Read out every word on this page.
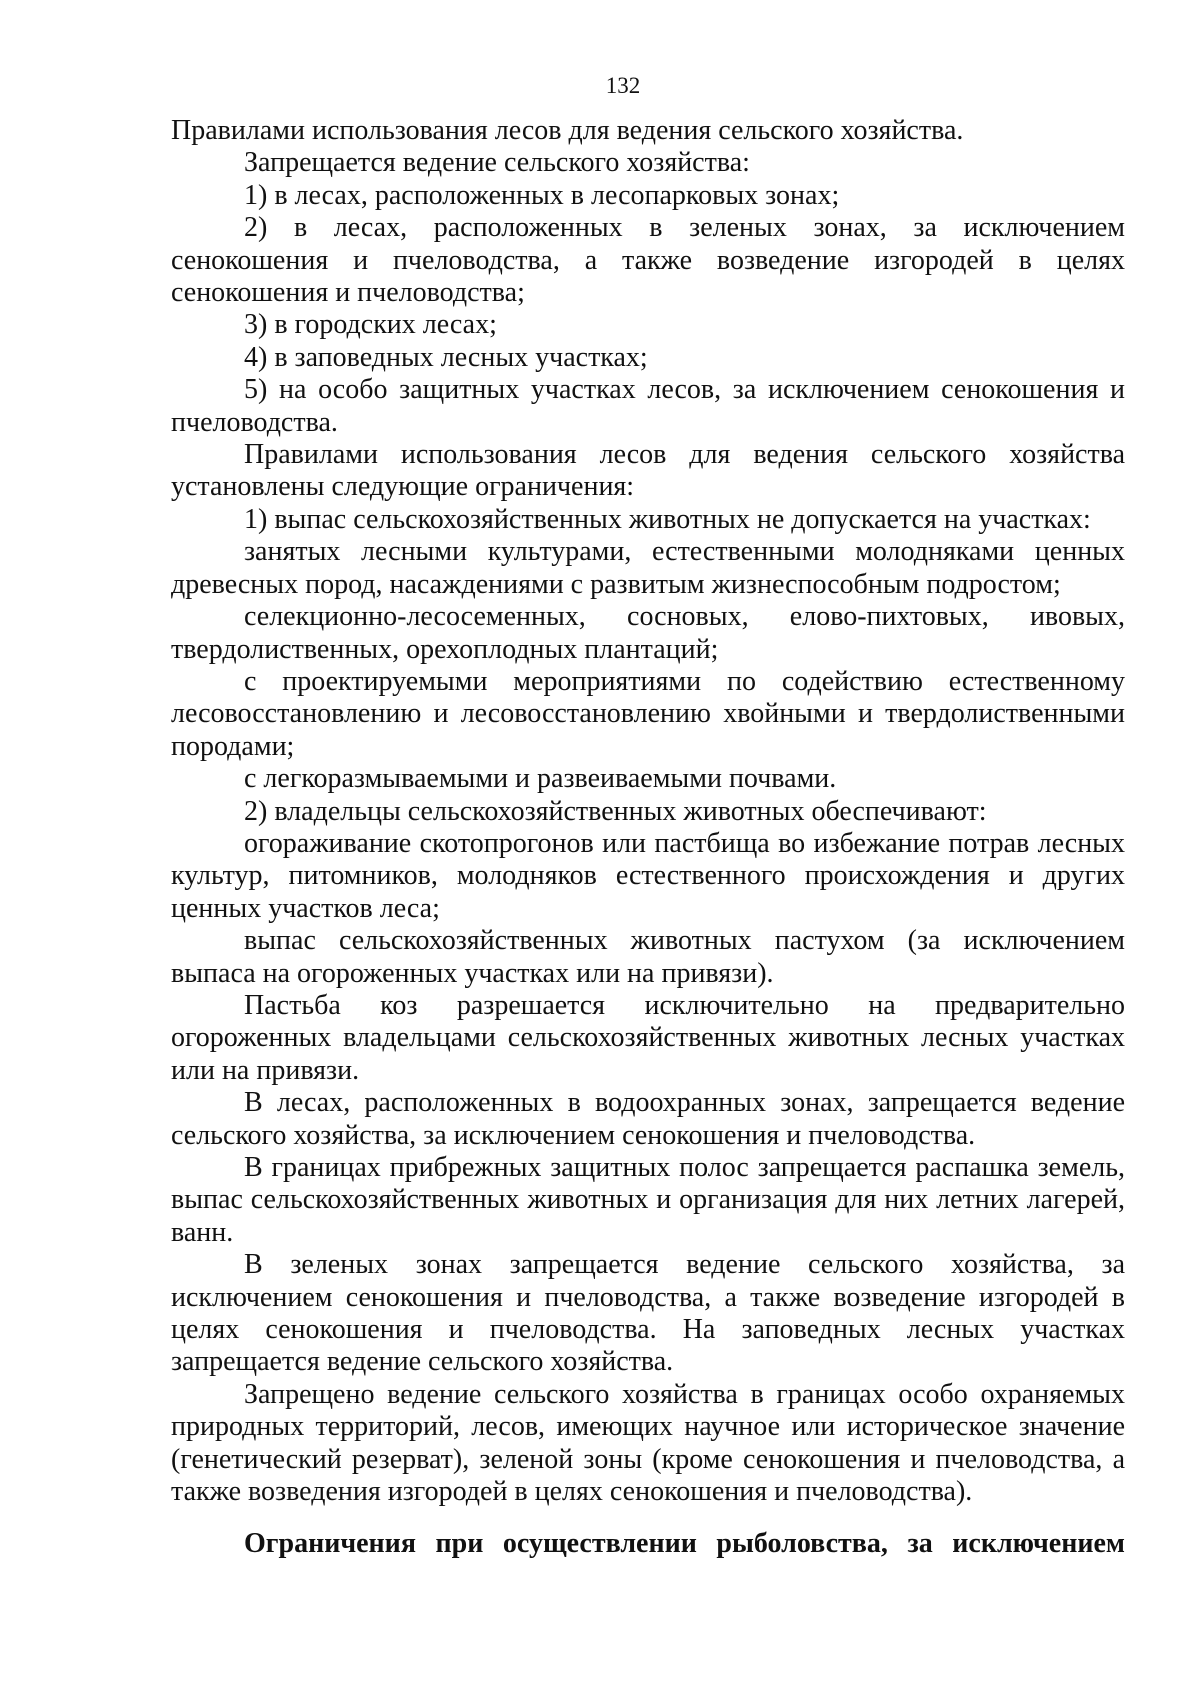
132

Правилами использования лесов для ведения сельского хозяйства.

Запрещается ведение сельского хозяйства:

1) в лесах, расположенных в лесопарковых зонах;

2) в лесах, расположенных в зеленых зонах, за исключением сенокошения и пчеловодства, а также возведение изгородей в целях сенокошения и пчеловодства;

3) в городских лесах;

4) в заповедных лесных участках;

5) на особо защитных участках лесов, за исключением сенокошения и пчеловодства.

Правилами использования лесов для ведения сельского хозяйства установлены следующие ограничения:

1) выпас сельскохозяйственных животных не допускается на участках:

занятых лесными культурами, естественными молодняками ценных древесных пород, насаждениями с развитым жизнеспособным подростом;

селекционно-лесосеменных, сосновых, елово-пихтовых, ивовых, твердолиственных, орехоплодных плантаций;

с проектируемыми мероприятиями по содействию естественному лесовосстановлению и лесовосстановлению хвойными и твердолиственными породами;

с легкоразмываемыми и развеиваемыми почвами.

2) владельцы сельскохозяйственных животных обеспечивают:

огораживание скотопрогонов или пастбища во избежание потрав лесных культур, питомников, молодняков естественного происхождения и других ценных участков леса;

выпас сельскохозяйственных животных пастухом (за исключением выпаса на огороженных участках или на привязи).

Пастьба коз разрешается исключительно на предварительно огороженных владельцами сельскохозяйственных животных лесных участках или на привязи.

В лесах, расположенных в водоохранных зонах, запрещается ведение сельского хозяйства, за исключением сенокошения и пчеловодства.

В границах прибрежных защитных полос запрещается распашка земель, выпас сельскохозяйственных животных и организация для них летних лагерей, ванн.

В зеленых зонах запрещается ведение сельского хозяйства, за исключением сенокошения и пчеловодства, а также возведение изгородей в целях сенокошения и пчеловодства. На заповедных лесных участках запрещается ведение сельского хозяйства.

Запрещено ведение сельского хозяйства в границах особо охраняемых природных территорий, лесов, имеющих научное или историческое значение (генетический резерват), зеленой зоны (кроме сенокошения и пчеловодства, а также возведения изгородей в целях сенокошения и пчеловодства).

Ограничения при осуществлении рыболовства, за исключением
